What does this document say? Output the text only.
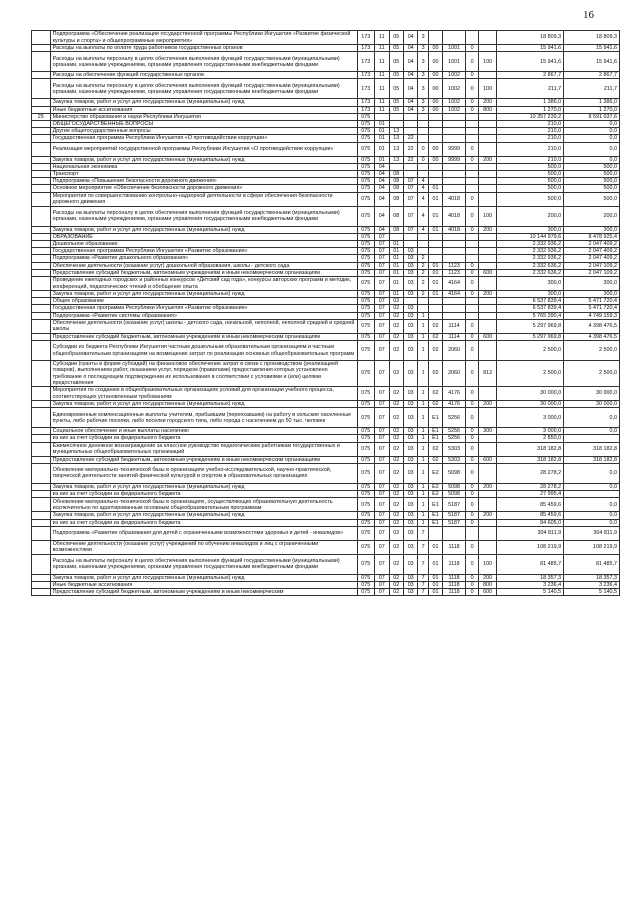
16
	Подпрограмма «Обеспечение реализации государственной программы Республики Ингушетия «Развитие физической культуры и спорта» и общепрограммные мероприятия»	173	11	05	04	3					18 809,3	18 809,3
	Расходы на выплаты по оплате труда работников государственных органов	173	11	05	04	3	00	1001	0		15 941,6	15 941,6
	Расходы на выплаты персоналу в целях обеспечения выполнения функций государственными (муниципальными) органами, казенными учреждениями, органами управления государственными внебюджетными фондами	173	11	05	04	3	00	1001	0	100	15 941,6	15 941,6
	Расходы на обеспечение функций государственных органов	173	11	05	04	3	00	1002	0		2 867,7	2 867,7
	Расходы на выплаты персоналу в целях обеспечения выполнения функций государственными (муниципальными) органами, казенными учреждениями, органами управления государственными внебюджетными фондами	173	11	05	04	3	00	1002	0	100	211,7	211,7
	Закупка товаров, работ и услуг для государственных (муниципальных) нужд	173	11	05	04	3	00	1002	0	200	1 386,0	1 386,0
	Иные бюджетные ассигнования	173	11	05	04	3	00	1002	0	800	1 270,0	1 270,0
25	Министерство образования и науки Республики Ингушетия	075									10 357 239,2	8 591 037,6
	ОБЩЕГОСУДАРСТВЕННЫЕ ВОПРОСЫ	075	01								210,0	0,0
	Другие общегосударственные вопросы	075	01	13							210,0	0,0
	Государственная программа Республики Ингушетия «О противодействии коррупции»	075	01	13	22						210,0	0,0
	Реализация мероприятий государственной программы Республики Ингушетия «О противодействии коррупции»	075	01	13	22	0	00	9999	0		210,0	0,0
	Закупка товаров, работ и услуг для государственных (муниципальных) нужд	075	01	13	22	0	00	9999	0	200	210,0	0,0
	Национальная экономика	075	04								500,0	500,0
	Транспорт	075	04	08							500,0	500,0
	Подпрограмма «Повышение безопасности дорожного движения»	075	04	08	07	4					500,0	500,0
	Основное мероприятие «Обеспечение безопасности дорожного движения»	075	04	08	07	4	01				500,0	500,0
	Мероприятия по совершенствованию контрольно-надзорной деятельности в сфере обеспечения безопасности дорожного движения	075	04	08	07	4	01	4018	0		500,0	500,0
	Расходы на выплаты персоналу в целях обеспечения выполнения функций государственными (муниципальными) органами, казенными учреждениями, органами управления государственными внебюджетными фондами	075	04	08	07	4	01	4018	0	100	200,0	200,0
	Закупка товаров, работ и услуг для государственных (муниципальных) нужд	075	04	08	07	4	01	4018	0	200	300,0	300,0
	ОБРАЗОВАНИЕ	075	07								10 144 979,6	8 478 925,4
	Дошкольное образование	075	07	01							2 332 936,2	2 047 409,2
	Государственная программа Республики Ингушетия «Развитие образования»	075	07	01	03						2 332 936,2	2 047 409,2
	Подпрограмма «Развитие дошкольного образования»	075	07	01	03	2					2 332 936,2	2 047 409,2
	Обеспечение деятельности (оказание услуг) дошкольной образования, школы - детского сада	075	07	01	03	2	01	1123	0		2 332 636,2	2 047 109,2
	Предоставление субсидий бюджетным, автономным учреждениям и иным некоммерческим организациям	075	07	01	03	2	01	1123	0	600	2 332 636,2	2 047 109,2
	Проведение ежегодных городских и районных конкурсов «Детский сад года», конкурсы авторских программ и методик, конференций, педагогических чтений и обобщение опыта	075	07	01	03	2	01	4164	0		300,0	300,0
	Закупка товаров, работ и услуг для государственных (муниципальных) нужд	075	07	01	03	2	01	4164	0	200	300,0	300,0
	Общее образование	075	07	02							6 537 839,4	5 471 720,4
	Государственная программа Республики Ингушетия «Развитие образования»	075	07	02	03						6 537 839,4	5 471 720,4
	Подпрограмма «Развитие системы образования»	075	07	02	03	1					5 765 390,4	4 749 159,3
	Обеспечение деятельности (оказание услуг) школы - детского сада, начальной, неполной, неполной средней и средней школы	075	07	02	03	1	02	1114	0		5 297 969,8	4 398 476,5
	Предоставление субсидий бюджетным, автономным учреждениям и иным некоммерческим организациям	075	07	02	03	1	02	1114	0	600	5 297 969,8	4 398 476,5
	Субсидии из бюджета Республики Ингушетия частным дошкольным образовательным организациям и частным общеобразовательным организациям на возмещение затрат по реализации основных общеобразовательных программ	075	07	02	03	1	02	2060	0		2 500,0	2 500,0
	Субсидии (гранты в форме субсидий) на финансовое обеспечение затрат в связи с производством (реализацией товаров), выполнением работ, оказанием услуг, порядком (правилами) предоставления которых установлено требование о последующем подтверждении их использования в соответствии с условиями и (или) целями предоставления	075	07	02	03	1	02	2060	0	812	2 500,0	2 500,0
	Мероприятия по созданию в общеобразовательных организациях условий для организации учебного процесса, соответствующих установленным требованиям	075	07	02	03	1	02	4176	0		30 000,0	30 000,0
	Закупка товаров, работ и услуг для государственных (муниципальных) нужд	075	07	02	03	1	02	4176	0	200	30 000,0	30 000,0
	Единовременные компенсационные выплаты учителям, прибывшим (переехавшим) на работу в сельские населенные пункты, либо рабочие поселки, либо поселки городского типа, либо города с населением до 50 тыс. человек	075	07	02	03	1	E1	5256	0		3 000,0	0,0
	Социальное обеспечение и иные выплаты населению	075	07	02	03	1	E1	5256	0	300	3 000,0	0,0
	из них за счет субсидии из федерального бюджета	075	07	02	03	1	E1	5256	0		2 850,0	
	Ежемесячное денежное вознаграждение за классное руководство педагогическим работникам государственных и муниципальных общеобразовательных организаций	075	07	02	03	1	02	5303	0		318 182,8	318 182,8
	Предоставление субсидий бюджетным, автономным учреждениям и иным некоммерческим организациям	075	07	02	03	1	02	5303	0	600	318 182,8	318 182,8
	Обновление материально-технической базы в организациях учебно-исследовательской, научно-практической, творческой деятельности занятий физической культурой и спортом в образовательных организациях	075	07	02	03	1	E2	5098	0		28 278,2	0,0
	Закупка товаров, работ и услуг для государственных (муниципальных) нужд	075	07	02	03	1	E2	5098	0	200	28 278,2	0,0
	из них за счет субсидии из федерального бюджета	075	07	02	03	1	E2	5098	0		27 995,4	
	Обновление материально-технической базы в организациях, осуществляющих образовательную деятельность исключительно по адаптированным основным общеобразовательным программам	075	07	02	03	1	E1	5187	0		85 459,6	0,0
	Закупка товаров, работ и услуг для государственных (муниципальных) нужд	075	07	02	03	1	E1	5187	0	200	85 459,6	0,0
	из них за счет субсидии из федерального бюджета	075	07	02	03	1	E1	5187	0		84 605,0	0,0
	Подпрограмма «Развитие образования для детей с ограниченными возможностями здоровья и детей - инвалидов»	075	07	02	03	7					304 811,9	304 811,9
	Обеспечение деятельности (оказание услуг) учреждений по обучению инвалидов и лиц с ограниченными возможностями	075	07	02	03	7	01	1118	0		108 219,9	108 219,9
	Расходы на выплаты персоналу в целях обеспечения выполнения функций государственными (муниципальными) органами, казенными учреждениями, органами управления государственными внебюджетными фондами	075	07	02	03	7	01	1118	0	100	81 485,7	81 485,7
	Закупка товаров, работ и услуг для государственных (муниципальных) нужд	075	07	02	03	7	01	1118	0	200	18 357,3	18 357,3
	Иные бюджетные ассигнования	075	07	02	03	7	01	1118	0	800	3 236,4	3 236,4
	Предоставление субсидий бюджетным, автономным учреждениям и иным некоммерческим	075	07	02	03	7	01	1118	0	600	5 140,5	5 140,5
